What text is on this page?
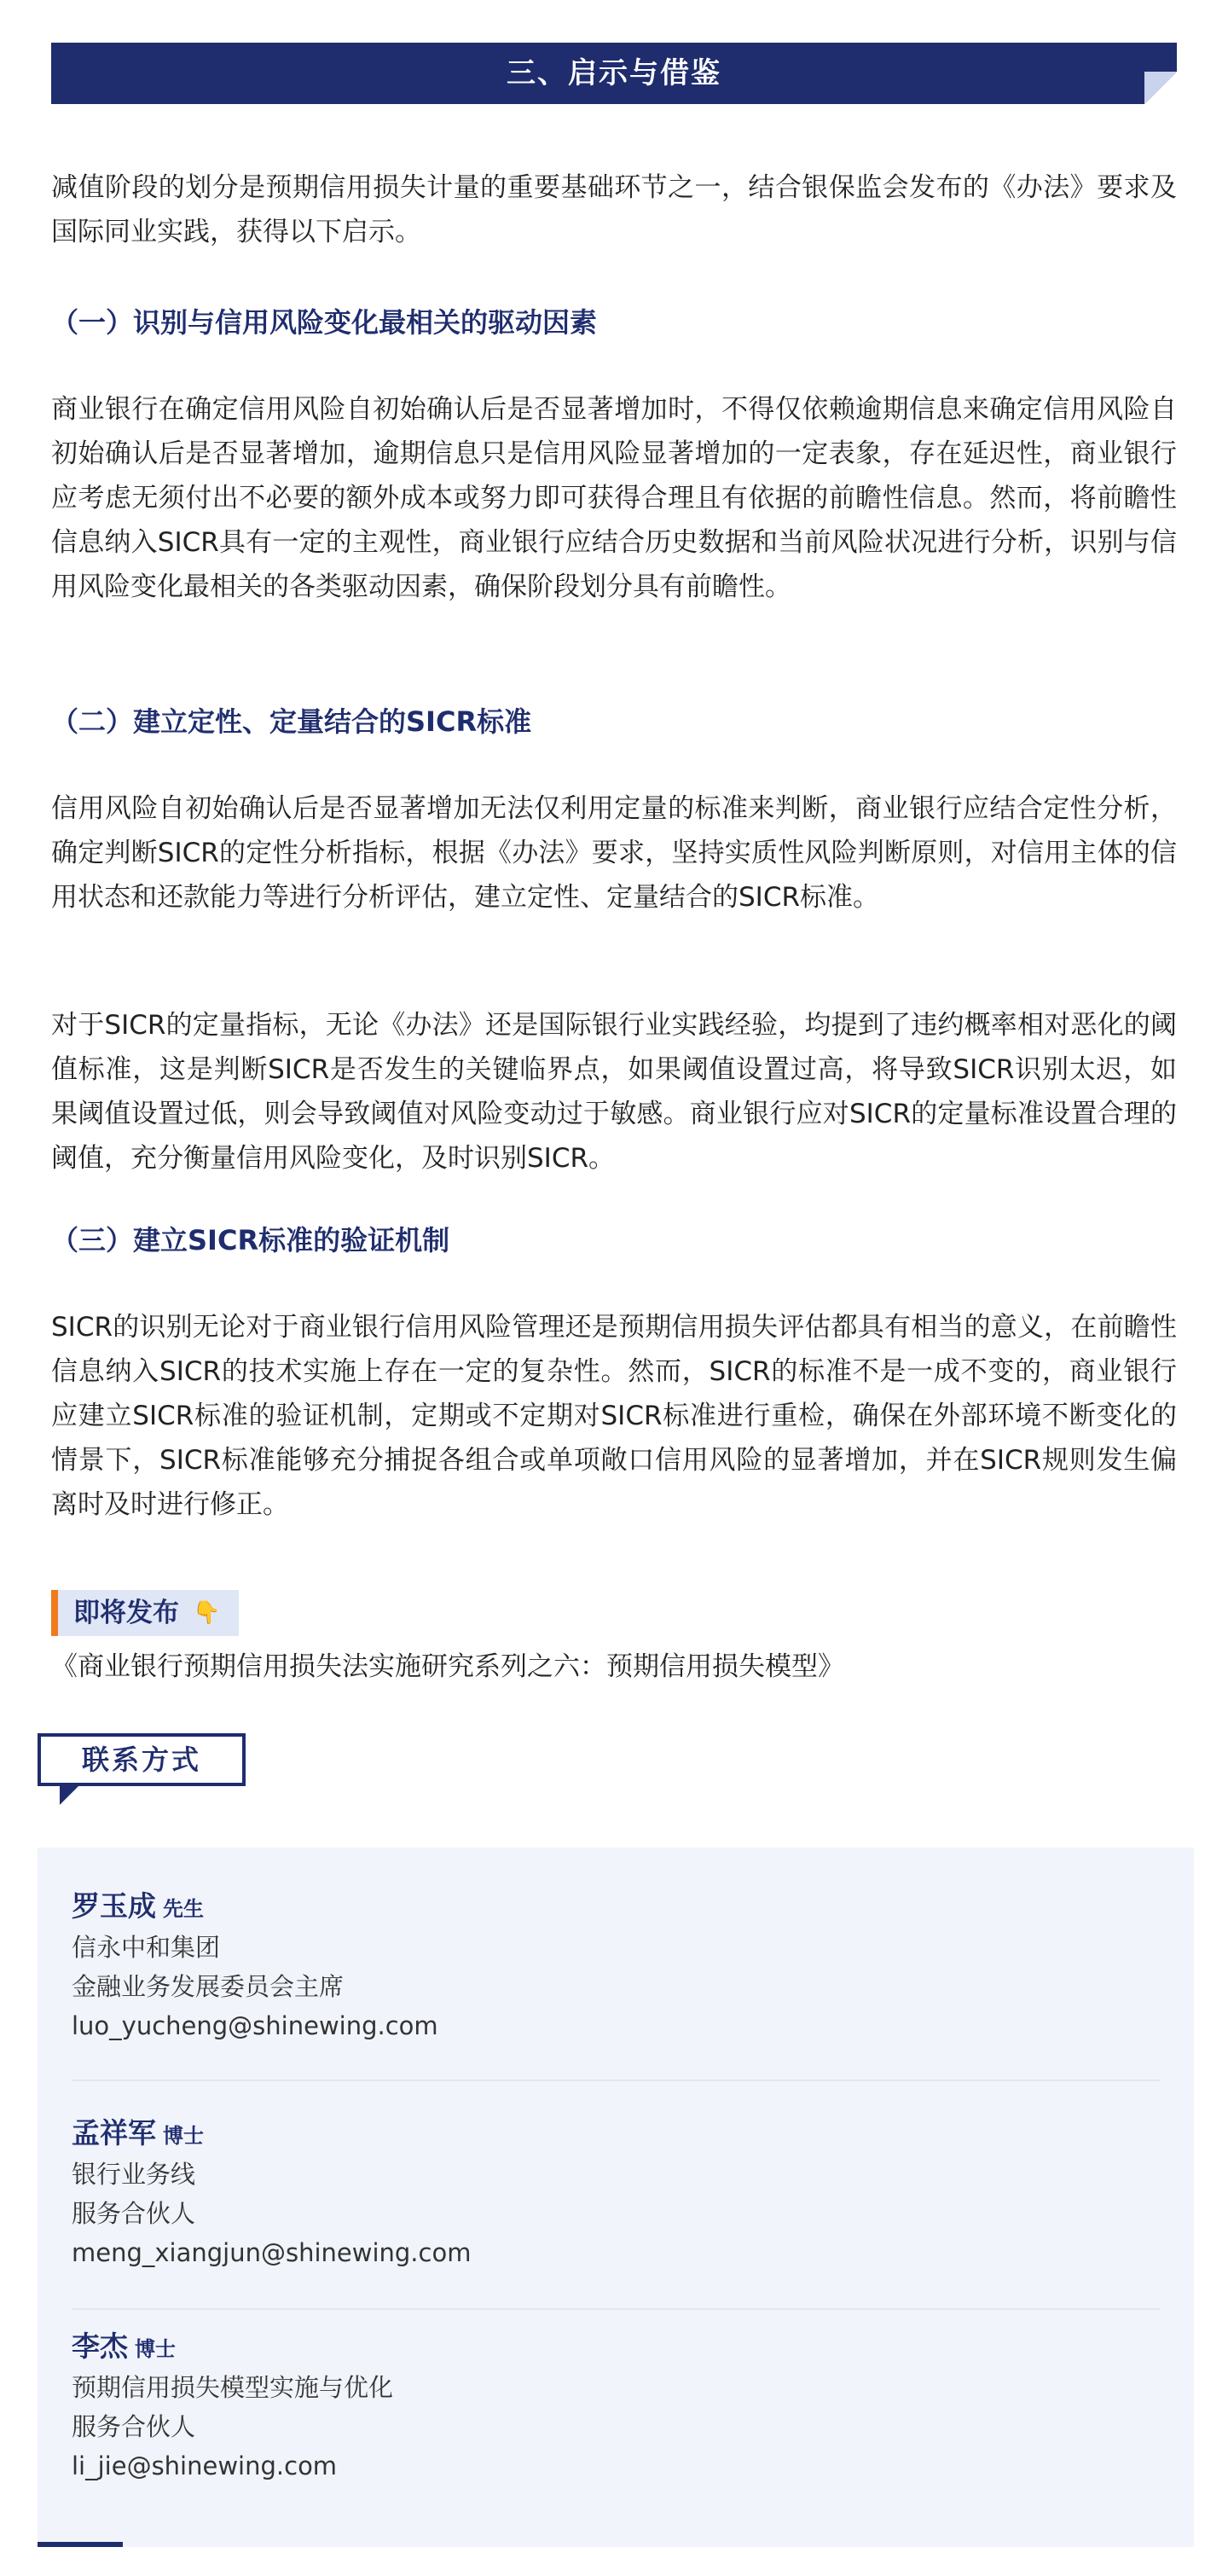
三、启示与借鉴
减值阶段的划分是预期信用损失计量的重要基础环节之一，结合银保监会发布的《办法》要求及国际同业实践，获得以下启示。
（一）识别与信用风险变化最相关的驱动因素
商业银行在确定信用风险自初始确认后是否显著增加时，不得仅依赖逾期信息来确定信用风险自初始确认后是否显著增加，逾期信息只是信用风险显著增加的一定表象，存在延迟性，商业银行应考虑无须付出不必要的额外成本或努力即可获得合理且有依据的前瞻性信息。然而，将前瞻性信息纳入SICR具有一定的主观性，商业银行应结合历史数据和当前风险状况进行分析，识别与信用风险变化最相关的各类驱动因素，确保阶段划分具有前瞻性。
（二）建立定性、定量结合的SICR标准
信用风险自初始确认后是否显著增加无法仅利用定量的标准来判断，商业银行应结合定性分析，确定判断SICR的定性分析指标，根据《办法》要求，坚持实质性风险判断原则，对信用主体的信用状态和还款能力等进行分析评估，建立定性、定量结合的SICR标准。
对于SICR的定量指标，无论《办法》还是国际银行业实践经验，均提到了违约概率相对恶化的阈值标准，这是判断SICR是否发生的关键临界点，如果阈值设置过高，将导致SICR识别太迟，如果阈值设置过低，则会导致阈值对风险变动过于敏感。商业银行应对SICR的定量标准设置合理的阈值，充分衡量信用风险变化，及时识别SICR。
（三）建立SICR标准的验证机制
SICR的识别无论对于商业银行信用风险管理还是预期信用损失评估都具有相当的意义，在前瞻性信息纳入SICR的技术实施上存在一定的复杂性。然而，SICR的标准不是一成不变的，商业银行应建立SICR标准的验证机制，定期或不定期对SICR标准进行重检，确保在外部环境不断变化的情景下，SICR标准能够充分捕捉各组合或单项敞口信用风险的显著增加，并在SICR规则发生偏离时及时进行修正。
即将发布 👇
《商业银行预期信用损失法实施研究系列之六：预期信用损失模型》
联系方式
罗玉成 先生
信永中和集团
金融业务发展委员会主席
luo_yucheng@shinewing.com
孟祥军 博士
银行业务线
服务合伙人
meng_xiangjun@shinewing.com
李杰 博士
预期信用损失模型实施与优化
服务合伙人
li_jie@shinewing.com
